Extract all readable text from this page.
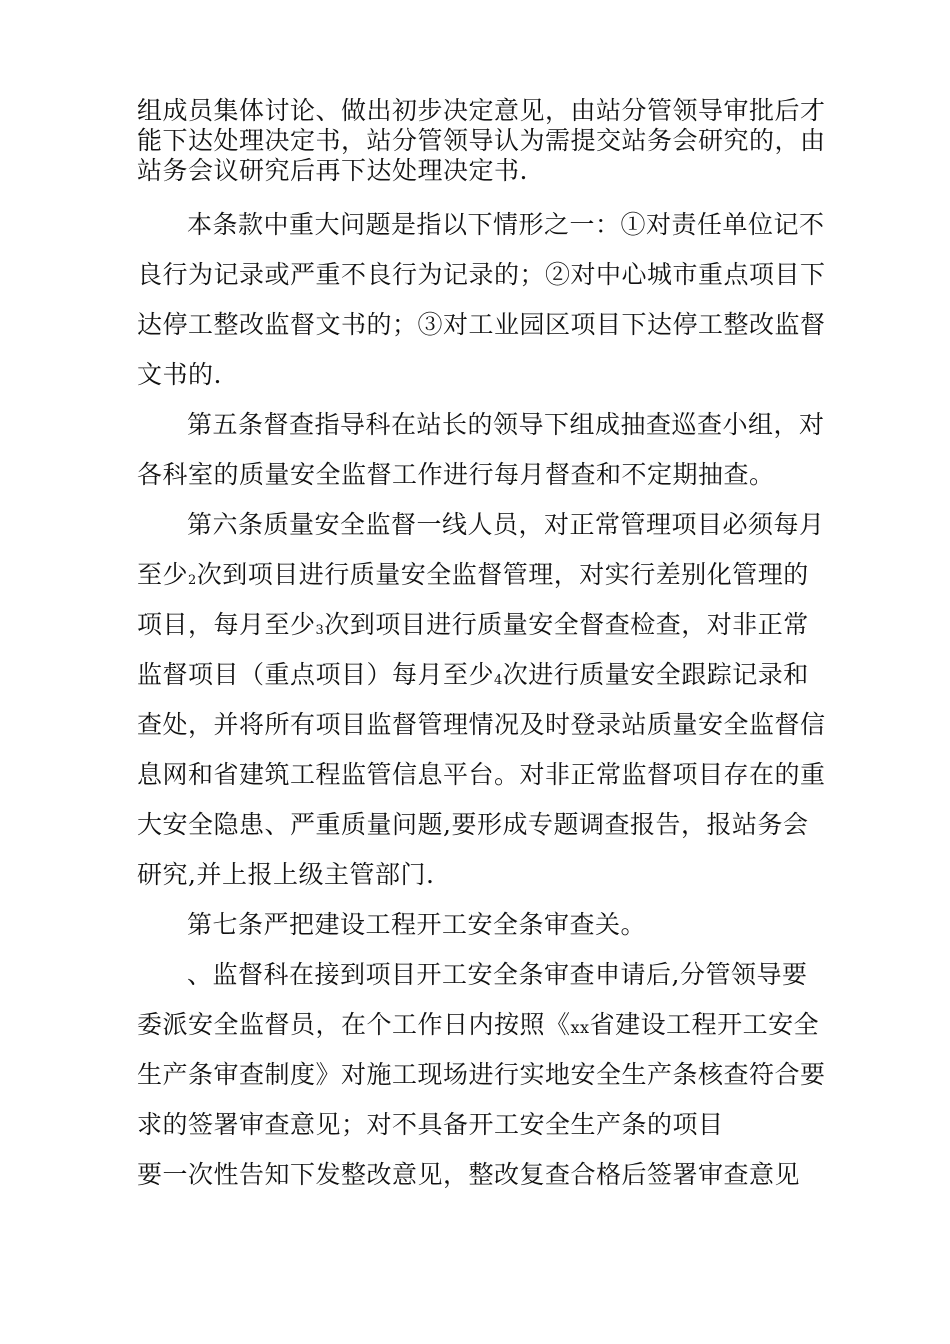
组成员集体讨论、做出初步决定意见，由站分管领导审批后才
能下达处理决定书，站分管领导认为需提交站务会研究的，由
站务会议研究后再下达处理决定书.
本条款中重大问题是指以下情形之一：①对责任单位记不
良行为记录或严重不良行为记录的；②对中心城市重点项目下
达停工整改监督文书的；③对工业园区项目下达停工整改监督
文书的.
第五条督查指导科在站长的领导下组成抽查巡查小组，对
各科室的质量安全监督工作进行每月督查和不定期抽查。
第六条质量安全监督一线人员，对正常管理项目必须每月
至少2次到项目进行质量安全监督管理，对实行差别化管理的
项目，每月至少3次到项目进行质量安全督查检查，对非正常
监督项目（重点项目）每月至少4次进行质量安全跟踪记录和
查处，并将所有项目监督管理情况及时登录站质量安全监督信
息网和省建筑工程监管信息平台。对非正常监督项目存在的重
大安全隐患、严重质量问题,要形成专题调查报告，报站务会
研究,并上报上级主管部门.
第七条严把建设工程开工安全条审查关。
、监督科在接到项目开工安全条审查申请后,分管领导要
委派安全监督员，在个工作日内按照《xx省建设工程开工安全
生产条审查制度》对施工现场进行实地安全生产条核查符合要
求的签署审查意见；对不具备开工安全生产条的项目
要一次性告知下发整改意见，整改复查合格后签署审查意见
